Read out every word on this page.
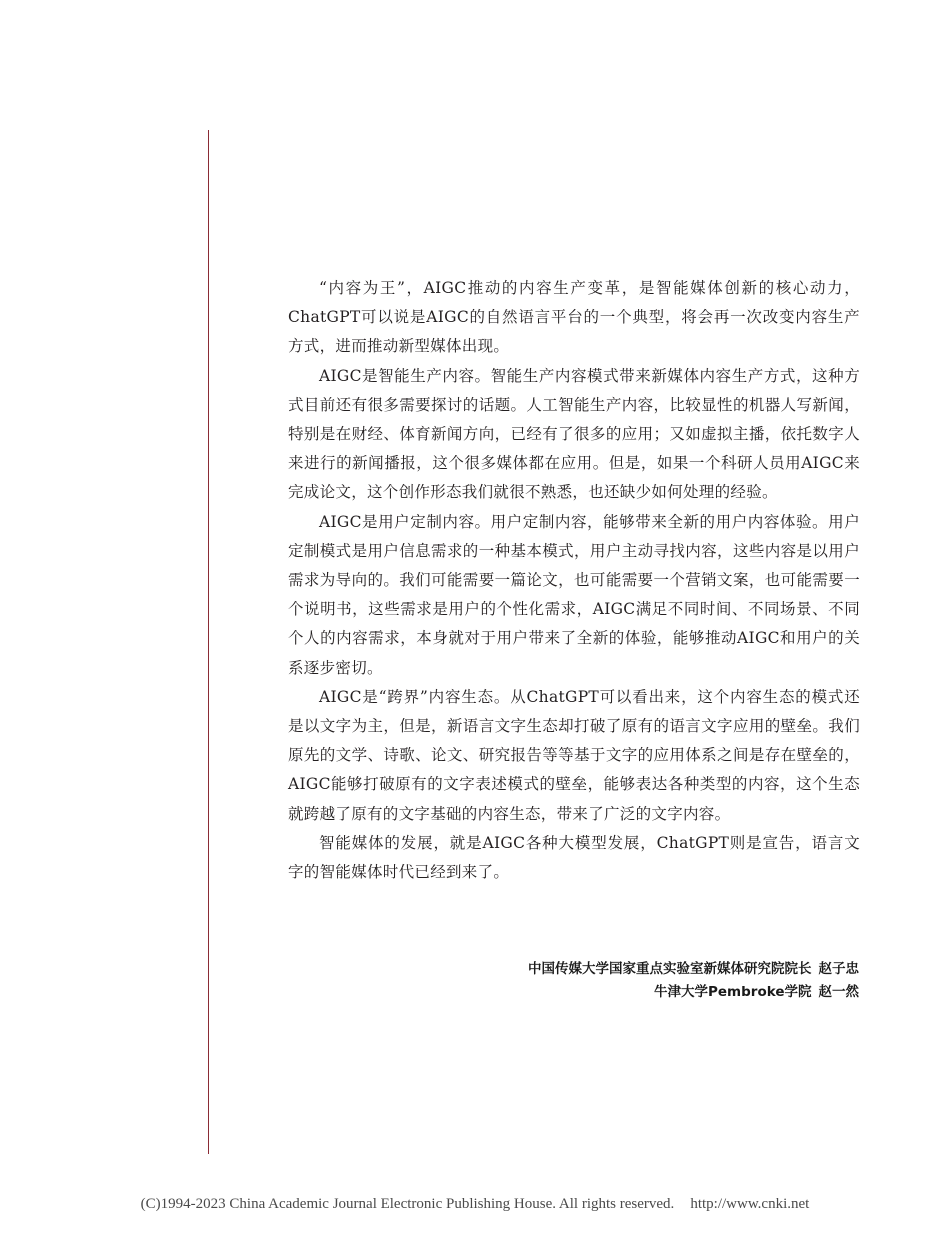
“内容为王”，AIGC推动的内容生产变革，是智能媒体创新的核心动力，ChatGPT可以说是AIGC的自然语言平台的一个典型，将会再一次改变内容生产方式，进而推动新型媒体出现。

AIGC是智能生产内容。智能生产内容模式带来新媒体内容生产方式，这种方式目前还有很多需要探讨的话题。人工智能生产内容，比较显性的机器人写新闻，特别是在财经、体育新闻方向，已经有了很多的应用；又如虚拟主播，依托数字人来进行的新闻播报，这个很多媒体都在应用。但是，如果一个科研人员用AIGC来完成论文，这个创作形态我们就很不熟悉，也还缺少如何处理的经验。

AIGC是用户定制内容。用户定制内容，能够带来全新的用户内容体验。用户定制模式是用户信息需求的一种基本模式，用户主动寻找内容，这些内容是以用户需求为导向的。我们可能需要一篇论文，也可能需要一个营销文案，也可能需要一个说明书，这些需求是用户的个性化需求，AIGC满足不同时间、不同场景、不同个人的内容需求，本身就对于用户带来了全新的体验，能够推动AIGC和用户的关系逐步密切。

AIGC是“跨界”内容生态。从ChatGPT可以看出来，这个内容生态的模式还是以文字为主，但是，新语言文字生态却打破了原有的语言文字应用的壁垒。我们原先的文学、诗歌、论文、研究报告等等基于文字的应用体系之间是存在壁垒的，AIGC能够打破原有的文字表述模式的壁垒，能够表达各种类型的内容，这个生态就跨越了原有的文字基础的内容生态，带来了广泛的文字内容。

智能媒体的发展，就是AIGC各种大模型发展，ChatGPT则是宣告，语言文字的智能媒体时代已经到来了。

中国传媒大学国家重点实验室新媒体研究院院长 赵子忠
牛津大学Pembroke学院 赵一然
(C)1994-2023 China Academic Journal Electronic Publishing House. All rights reserved. http://www.cnki.net
